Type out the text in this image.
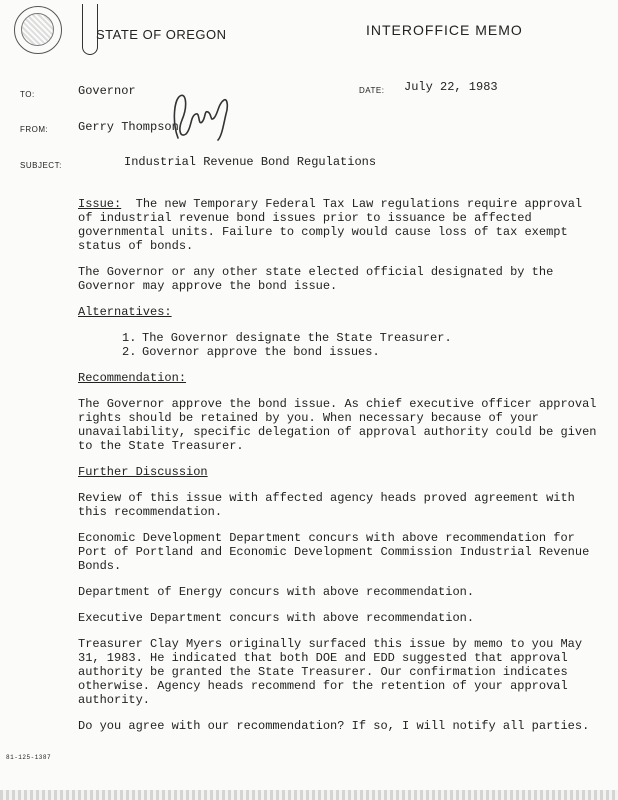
STATE OF OREGON	INTEROFFICE MEMO
TO:	Governor	DATE: July 22, 1983
FROM: Gerry Thompson
SUBJECT:	Industrial Revenue Bond Regulations

Issue: The new Temporary Federal Tax Law regulations require approval of industrial revenue bond issues prior to issuance be affected governmental units. Failure to comply would cause loss of tax exempt status of bonds.

The Governor or any other state elected official designated by the Governor may approve the bond issue.

Alternatives:

1. The Governor designate the State Treasurer.
2. Governor approve the bond issues.

Recommendation:

The Governor approve the bond issue. As chief executive officer approval rights should be retained by you. When necessary because of your unavailability, specific delegation of approval authority could be given to the State Treasurer.

Further Discussion

Review of this issue with affected agency heads proved agreement with this recommendation.

Economic Development Department concurs with above recommendation for Port of Portland and Economic Development Commission Industrial Revenue Bonds.

Department of Energy concurs with above recommendation.

Executive Department concurs with above recommendation.

Treasurer Clay Myers originally surfaced this issue by memo to you May 31, 1983. He indicated that both DOE and EDD suggested that approval authority be granted the State Treasurer. Our confirmation indicates otherwise. Agency heads recommend for the retention of your approval authority.

Do you agree with our recommendation? If so, I will notify all parties.

81-125-1387
